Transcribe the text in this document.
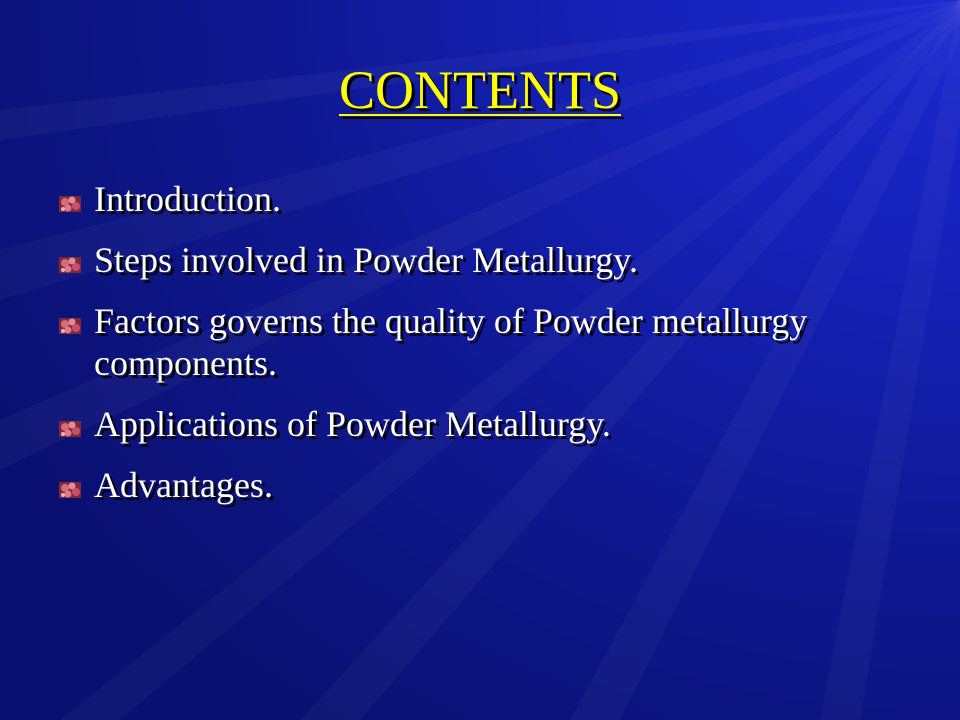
CONTENTS
Introduction.
Steps involved in Powder Metallurgy.
Factors governs the quality of Powder metallurgy components.
Applications of Powder Metallurgy.
Advantages.
